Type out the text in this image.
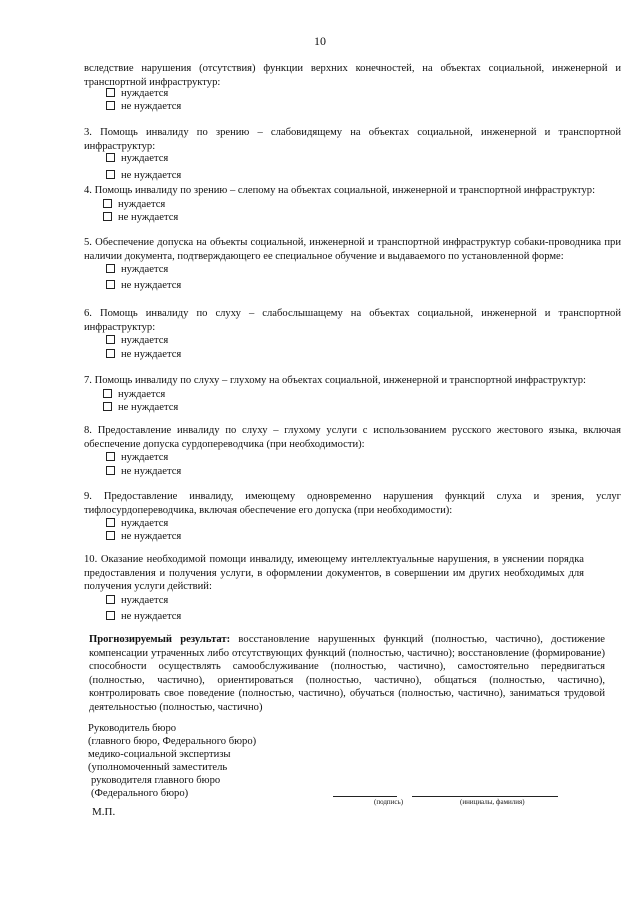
10

вследствие нарушения (отсутствия) функции верхних конечностей, на объектах социальной, инженерной и транспортной инфраструктур:

нуждается
не нуждается

3. Помощь инвалиду по зрению – слабовидящему на объектах социальной, инженерной и транспортной инфраструктур:

нуждается
не нуждается

4. Помощь инвалиду по зрению – слепому на объектах социальной, инженерной и транспортной инфраструктур:

нуждается
не нуждается

5. Обеспечение допуска на объекты социальной, инженерной и транспортной инфраструктур собаки-проводника при наличии документа, подтверждающего ее специальное обучение и выдаваемого по установленной форме:

нуждается
не нуждается

6. Помощь инвалиду по слуху – слабослышащему на объектах социальной, инженерной и транспортной инфраструктур:

нуждается
не нуждается

7. Помощь инвалиду по слуху – глухому на объектах социальной, инженерной и транспортной инфраструктур:

нуждается
не нуждается

8. Предоставление инвалиду по слуху – глухому услуги с использованием русского жестового языка, включая обеспечение допуска сурдопереводчика (при необходимости):

нуждается
не нуждается

9. Предоставление инвалиду, имеющему одновременно нарушения функций слуха и зрения, услуг тифлосурдопереводчика, включая обеспечение его допуска (при необходимости):

нуждается
не нуждается

10. Оказание необходимой помощи инвалиду, имеющему интеллектуальные нарушения, в уяснении порядка предоставления и получения услуги, в оформлении документов, в совершении им других необходимых для получения услуги действий:

нуждается
не нуждается

Прогнозируемый результат: восстановление нарушенных функций (полностью, частично), достижение компенсации утраченных либо отсутствующих функций (полностью, частично); восстановление (формирование) способности осуществлять самообслуживание (полностью, частично), самостоятельно передвигаться (полностью, частично), ориентироваться (полностью, частично), общаться (полностью, частично), контролировать свое поведение (полностью, частично), обучаться (полностью, частично), заниматься трудовой деятельностью (полностью, частично)

Руководитель бюро
(главного бюро, Федерального бюро)
медико-социальной экспертизы
(уполномоченный заместитель
руководителя главного бюро
(Федерального бюро)
(подпись)	(инициалы, фамилия)
М.П.
